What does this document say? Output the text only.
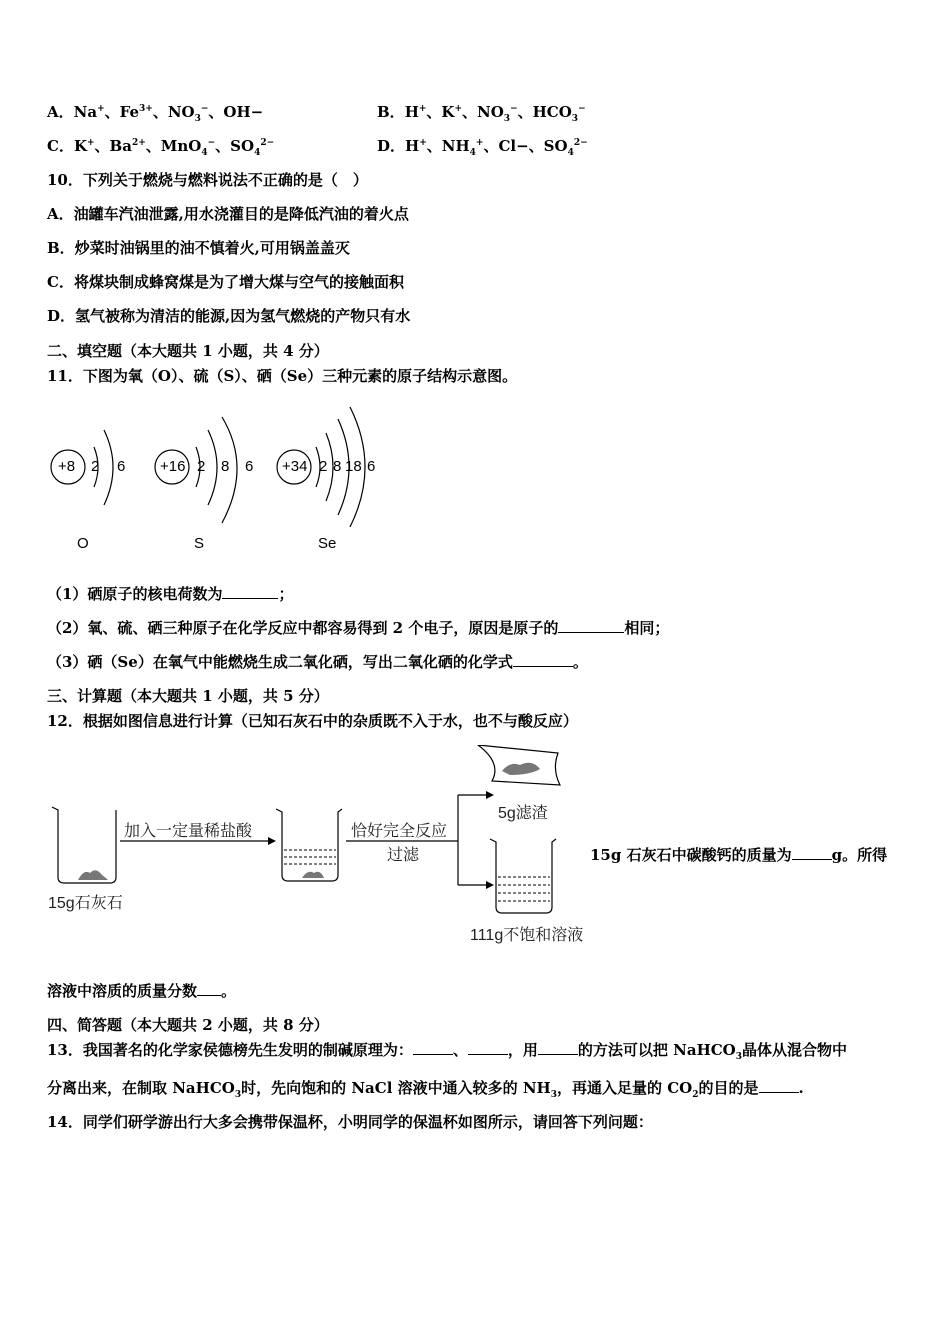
A．Na+、$Fe^{3+}$、$NO_3^-$、OH−	B．H+、K+、$NO_3^-$、$HCO_3^-$
C．K+、$Ba^{2+}$、MnO$_4$−、$SO_4^{2-}$	D．H+、$NH_4^+$、Cl−、$SO_4^{2-}$
10．下列关于燃烧与燃料说法不正确的是（　）
A．油罐车汽油泄露,用水浇灌目的是降低汽油的着火点
B．炒菜时油锅里的油不慎着火,可用锅盖盖灭
C．将煤块制成蜂窝煤是为了增大煤与空气的接触面积
D．氢气被称为清洁的能源,因为氢气燃烧的产物只有水
二、填空题（本大题共 1 小题，共 4 分）
11．下图为氧（O）、硫（S）、硒（Se）三种元素的原子结构示意图。
+8 2 6
O
+16 2 8 6
S
+34 2 8 18 6
Se
（1）硒原子的核电荷数为	；
（2）氧、硫、硒三种原子在化学反应中都容易得到 2 个电子，原因是原子的	相同；
（3）硒（Se）在氧气中能燃烧生成二氧化硒，写出二氧化硒的化学式	。
三、计算题（本大题共 1 小题，共 5 分）
12．根据如图信息进行计算（已知石灰石中的杂质既不入于水，也不与酸反应）
加入一定量稀盐酸	恰好完全反应
过滤
5g滤渣
15g石灰石
111g不饱和溶液
15g 石灰石中碳酸钙的质量为	g。所得
溶液中溶质的质量分数 。
四、简答题（本大题共 2 小题，共 8 分）
13．我国著名的化学家侯德榜先生发明的制碱原理为：	、	，用	的方法可以把 NaHCO$_3$晶体从混合物中
分离出来，在制取 NaHCO$_3$时，先向饱和的 NaCl 溶液中通入较多的 $NH_3$，再通入足量的 $CO_2$的目的是	.
14．同学们研学游出行大多会携带保温杯，小明同学的保温杯如图所示，请回答下列问题：
